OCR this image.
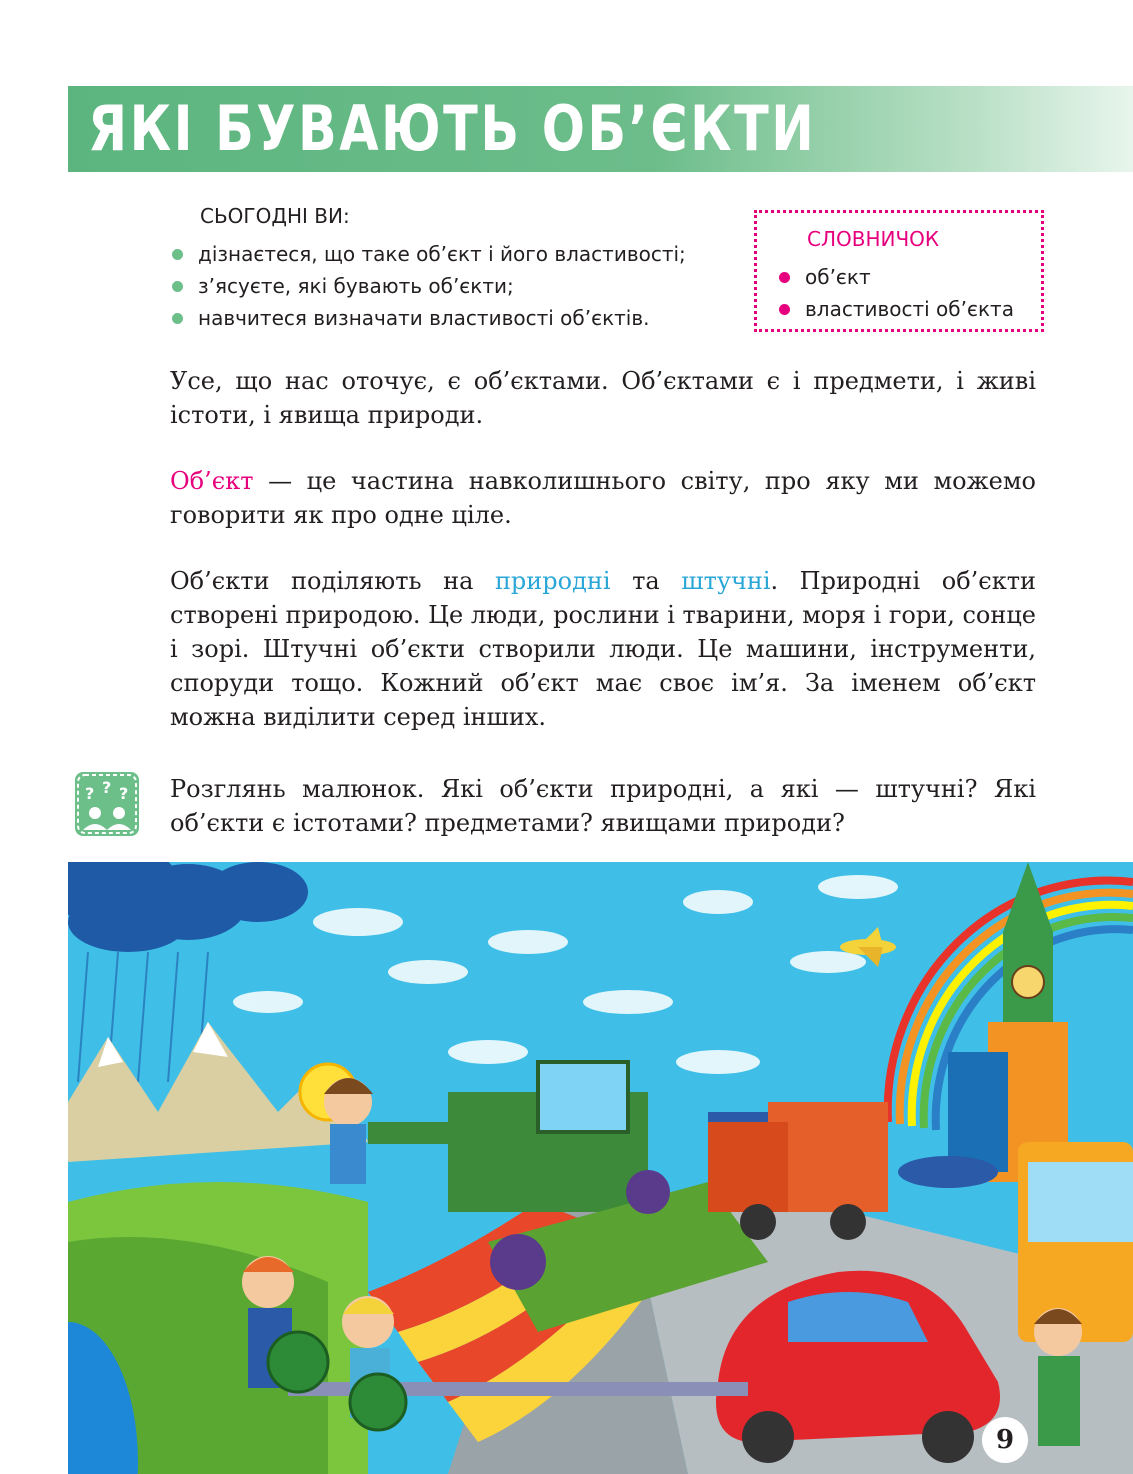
ЯКІ БУВАЮТЬ ОБ’ЄКТИ
СЬОГОДНІ ВИ:
дізнаєтеся, що таке об’єкт і його властивості;
з’ясуєте, які бувають об’єкти;
навчитеся визначати властивості об’єктів.
СЛОВНИЧОК
об’єкт
властивості об’єкта

Усе, що нас оточує, є об’єктами. Об’єктами є і предмети, і живі істоти, і явища природи.

Об’єкт — це частина навколишнього світу, про яку ми можемо говорити як про одне ціле.

Об’єкти поділяють на природні та штучні. Природні об’єкти створені природою. Це люди, рослини і тварини, моря і гори, сонце і зорі. Штучні об’єкти створили люди. Це машини, інструменти, споруди тощо. Кожний об’єкт має своє ім’я. За іменем об’єкт можна виділити серед інших.

? ? ? Розглянь малюнок. Які об’єкти природні, а які — штучні? Які об’єкти є істотами? предметами? явищами природи?

9
